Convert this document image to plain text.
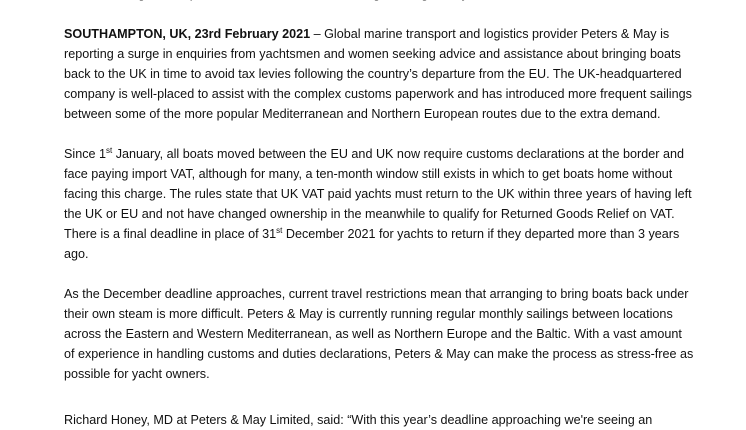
SOUTHAMPTON, UK, 23rd February 2021 – Global marine transport and logistics provider Peters & May is reporting a surge in enquiries from yachtsmen and women seeking advice and assistance about bringing boats back to the UK in time to avoid tax levies following the country’s departure from the EU. The UK-headquartered company is well-placed to assist with the complex customs paperwork and has introduced more frequent sailings between some of the more popular Mediterranean and Northern European routes due to the extra demand.

Since 1st January, all boats moved between the EU and UK now require customs declarations at the border and face paying import VAT, although for many, a ten-month window still exists in which to get boats home without facing this charge. The rules state that UK VAT paid yachts must return to the UK within three years of having left the UK or EU and not have changed ownership in the meanwhile to qualify for Returned Goods Relief on VAT. There is a final deadline in place of 31st December 2021 for yachts to return if they departed more than 3 years ago.

As the December deadline approaches, current travel restrictions mean that arranging to bring boats back under their own steam is more difficult. Peters & May is currently running regular monthly sailings between locations across the Eastern and Western Mediterranean, as well as Northern Europe and the Baltic. With a vast amount of experience in handling customs and duties declarations, Peters & May can make the process as stress-free as possible for yacht owners.

Richard Honey, MD at Peters & May Limited, said: “With this year’s deadline approaching we're seeing an
